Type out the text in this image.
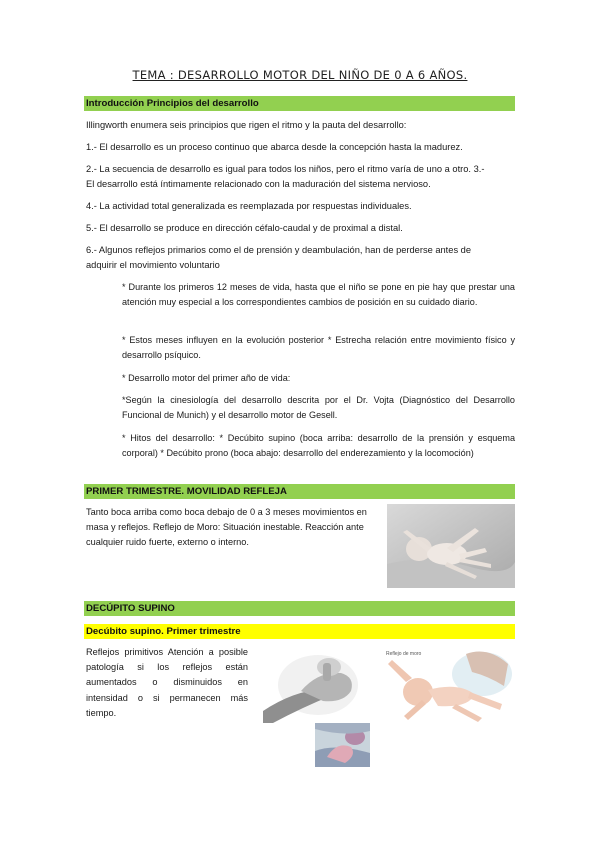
TEMA : DESARROLLO MOTOR DEL NIÑO DE 0 A 6 AÑOS.
Introducción Principios del desarrollo

Illingworth enumera seis principios que rigen el ritmo y la pauta del desarrollo:

1.- El desarrollo es un proceso continuo que abarca desde la concepción hasta la madurez.

2.- La secuencia de desarrollo es igual para todos los niños, pero el ritmo varía de uno a otro. 3.-

El desarrollo está íntimamente relacionado con la maduración del sistema nervioso.

4.- La actividad total generalizada es reemplazada por respuestas individuales.

5.- El desarrollo se produce en dirección céfalo-caudal y de proximal a distal.

6.- Algunos reflejos primarios como el de prensión y deambulación, han de perderse antes de

adquirir el movimiento voluntario

* Durante los primeros 12 meses de vida, hasta que el niño se pone en pie hay que prestar una atención muy especial a los correspondientes cambios de posición en su cuidado diario.

* Estos meses influyen en la evolución posterior * Estrecha relación entre movimiento físico y desarrollo psíquico.

* Desarrollo motor del primer año de vida:

*Según la cinesiología del desarrollo descrita por el Dr. Vojta (Diagnóstico del Desarrollo Funcional de Munich) y el desarrollo motor de Gesell.

* Hitos del desarrollo: * Decúbito supino (boca arriba: desarrollo de la prensión y esquema corporal) * Decúbito prono (boca abajo: desarrollo del enderezamiento y la locomoción)

PRIMER TRIMESTRE. MOVILIDAD REFLEJA

Tanto boca arriba como boca debajo de 0 a 3 meses movimientos en masa y reflejos. Reflejo de Moro: Situación inestable. Reacción ante cualquier ruido fuerte, externo o interno.

DECÚPITO SUPINO
Decúbito supino. Primer trimestre

Reflejos primitivos Atención a posible patología si los reflejos están aumentados o disminuidos en intensidad o si permanecen más tiempo.

Reflejo de moro
